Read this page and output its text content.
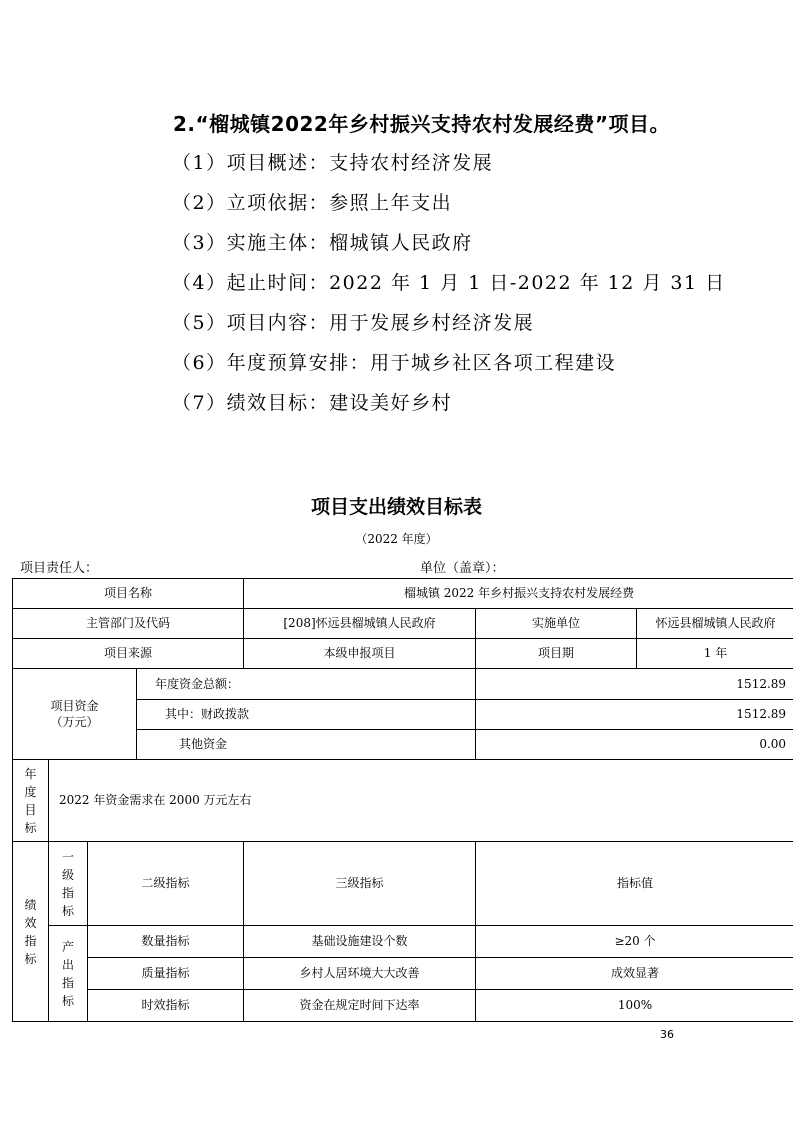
2.“榴城镇2022年乡村振兴支持农村发展经费”项目。
（1）项目概述：支持农村经济发展
（2）立项依据：参照上年支出
（3）实施主体：榴城镇人民政府
（4）起止时间：2022 年 1 月 1 日-2022 年 12 月 31 日
（5）项目内容：用于发展乡村经济发展
（6）年度预算安排：用于城乡社区各项工程建设
（7）绩效目标：建设美好乡村
项目支出绩效目标表
（2022 年度）
项目责任人：	单位（盖章）：
项目名称				榴城镇 2022 年乡村振兴支持农村发展经费		
主管部门及代码				[208]怀远县榴城镇人民政府	实施单位	怀远县榴城镇人民政府
项目来源				本级申报项目	项目期	1 年
项目资金（万元）			年度资金总额：		1512.89	
			其中：财政拨款		1512.89	
			其他资金		0.00	
年度目标	2022 年资金需求在 2000 万元左右					
绩效指标	一级指标	二级指标		三级指标	指标值	
	产出指标	数量指标		基础设施建设个数	≥20 个	
		质量指标		乡村人居环境大大改善	成效显著	
		时效指标		资金在规定时间下达率	100%	
36
